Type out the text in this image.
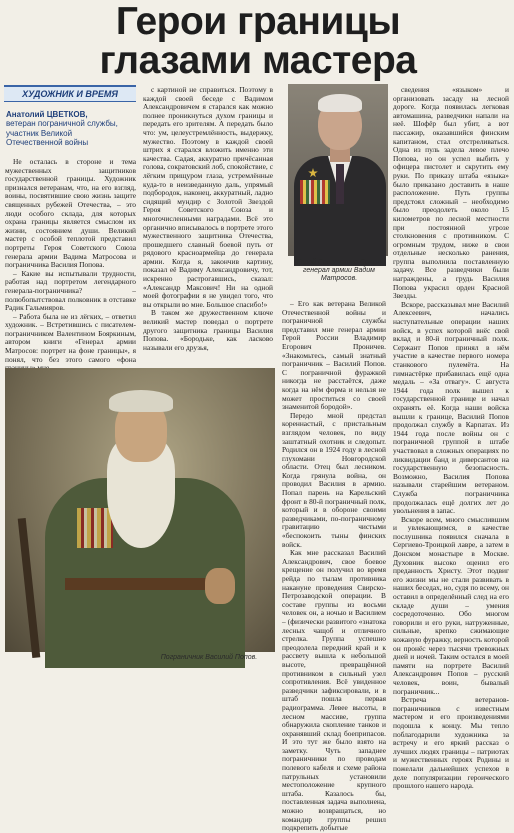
Герои границы
глазами мастера
ХУДОЖНИК И ВРЕМЯ
Анатолий ЦВЕТКОВ,
ветеран пограничной службы,
участник Великой
Отечественной войны

Не осталась в стороне и тема мужественных защитников государственной границы. Художник признался ветеранам, что, на его взгляд, воины, посвятившие свою жизнь защите священных рубежей Отечества, – это люди особого склада, для которых охрана границы является смыслом их жизни, состоянием души. Великий мастер с особой теплотой представил портреты Героя Советского Союза генерала армии Вадима Матросова и пограничника Василия Попова.

– Какие вы испытывали трудности, работая над портретом легендарного генерала-пограничника? – полюбопытствовал полковник в отставке Радик Гальмияров.

– Работа была не из лёгких, – ответил художник. – Встретившись с писателем-пограничником Валентином Бояркиным, автором книги «Генерал армии Матросов: портрет на фоне границы», я понял, что без этого самого «фона

с картиной не справиться. Поэтому в каждой своей беседе с Вадимом Александровичем я старался как можно полнее проникнуться духом границы и передать его зрителям. А передать было что: ум, целеустремлённость, выдержку, мужество. Поэтому в каждой своей штрих я старался вложить именно эти качества. Садая, аккуратно причёсанная голова, сократовский лоб, спокойствие, с лёгким прищуром глаза, устремлённые куда-то в неизведанную даль, упрямый подбородок, наконец, аккуратный, ладно сидящий мундир с Золотой Звездой Героя Советского Союза и многочисленными наградами. Всё это органично вписывалось в портрете этого мужественного защитника Отечества, прошедшего славный боевой путь от рядового красноармейца до генерала армии. Когда я, закончив картину, показал её Вадиму Александровичу, тот, искренно растрогавшись, сказал: «Александр Максович! Ни на одной моей фотографии я не увидел того, что вы открыли во мне. Большое спасибо!»

В таком же дружественном ключе великий мастер поведал о портрете другого защитника границы Василия Попова. «Бородьке, как ласково называли его друзья,

Герой Советского Союза генерал армии Вадим Матросов.

– Его как ветерана Великой Отечественной войны и пограничной службы представил мне генерал армии Герой России Владимир Егорович Проничев. «Знакомьтесь, самый знатный пограничник – Василий Попов. С пограничной фуражкой никогда не расстаётся, даже когда на нём форма и нельзя не может проститься со своей знаменитой бородой».

Передо мной предстал кореннастый, с пристальным взглядом человек, по виду заштатный охотник и следопыт. Родился он в 1924 году в лесной глухомани Новгородской области. Отец был лесником. Когда грянула война, он проводил Василия в армию. Попал парень на Карельский фронт в 80-й пограничный полк, который и в обороне своими разведчиками, по-пограничному гравитацию чистыми «беспокоить тыны финских войск.

Как мне рассказал Василий Александрович, свое боевое крещение он получил во время рейда по тылам противника накануне проведения Свирско-Петрозаводской операции. В составе группы из восьми человек он, а ночью и Василием – (физически развитого «знатока лесных чащоб и отличного стрелка. Группа успешно преодолела передний край и к рассвету вышла к небольшой высоте, превращённой противником в сильный узел сопротивления. Всё увиденное разведчики зафиксировали, и в штаб пошла первая радиограмма. Левее высоты, в лесном массиве, группа обнаружила скопление танков и охранявший склад боеприпасов. И это тут же было взято на заметку. Чуть западнее пограничники по проводам полевого кабеля и схеме района патрульных установили местоположение крупного штаба. Казалось бы, поставленная задача выполнена, можно возвращаться, но командир группы решил подкрепить добытые

сведения «языком» и организовать засаду на лесной дороге. Когда появилась легковая автомашина, разведчики напали на неё. Шофёр был убит, а вот пассажир, оказавшийся финским капитаном, стал отстреливаться. Одна из пуль задела левое плечо Попова, но он успел выбить у офицера пистолет и скрутить ему руки. По приказу штаба «языка» было приказано доставить в наше расположение. Путь группы предстоял сложный – необходимо было преодолеть около 15 километров по лесной местности при постоянной угрозе столкновения с противником. С огромным трудом, ниже в свои отдельные несколько ранения, группа выполнила поставленную задачу. Все разведчики были награждены, а грудь Василия Попова украсил орден Красной Звезды.

Вскоре, рассказывал мне Василий Алексеевич, начались наступательные операции наших войск, в успех которой внёс свой вклад и 80-й пограничный полк. Сержант Попов принял в нём участие в качестве первого номера станкового пулемёта. На гимнастёрке прибавилась ещё одна медаль – «За отвагу». С августа 1944 года полк вышел к государственной границе и начал охранять её. Когда наши войска вышли к границе, Василий Попов продолжал службу в Карпатах. Из 1944 года после войны он с пограничной группой в штабе участвовал в сложных операциях по ликвидации банд и диверсантов на государственную безопасность. Возможно, Василия Попова называли старейшим ветераном. Служба пограничника продолжалась ещё долгих лет до увольнения в запас.

Вскоре всем, много смыслившим и увлекающимся, в качестве послушника появился сначала в Сергиево-Троицкой лавре, а затем в Донском монастыре в Москве. Духовник высоко оценил его преданность Христу. Этот подвиг его жизни мы не стали развивать в наших беседах, но, судя по всему, он оставил в определённый след на его складе души – умения сосредоточенно. Обо многом говорили и его руки, натруженные, сильные, крепко сжимающие кожаную фуражку, верность которой он пронёс через тысячи тревожных дней и ночей. Таким остался в моей памяти на портрете Василий Александрович Попов – русский человек, воин, бывалый пограничник...

Встреча ветеранов-пограничников с известным мастером и его произведениями подошла к концу. Мы тепло поблагодарили художника за встречу и его яркий рассказ о лучших людях границы – патриотах и мужественных героях Родины и пожелали дальнейших успехов в деле популяризации героического прошлого нашего народа.

Пограничник Василий Попов.
